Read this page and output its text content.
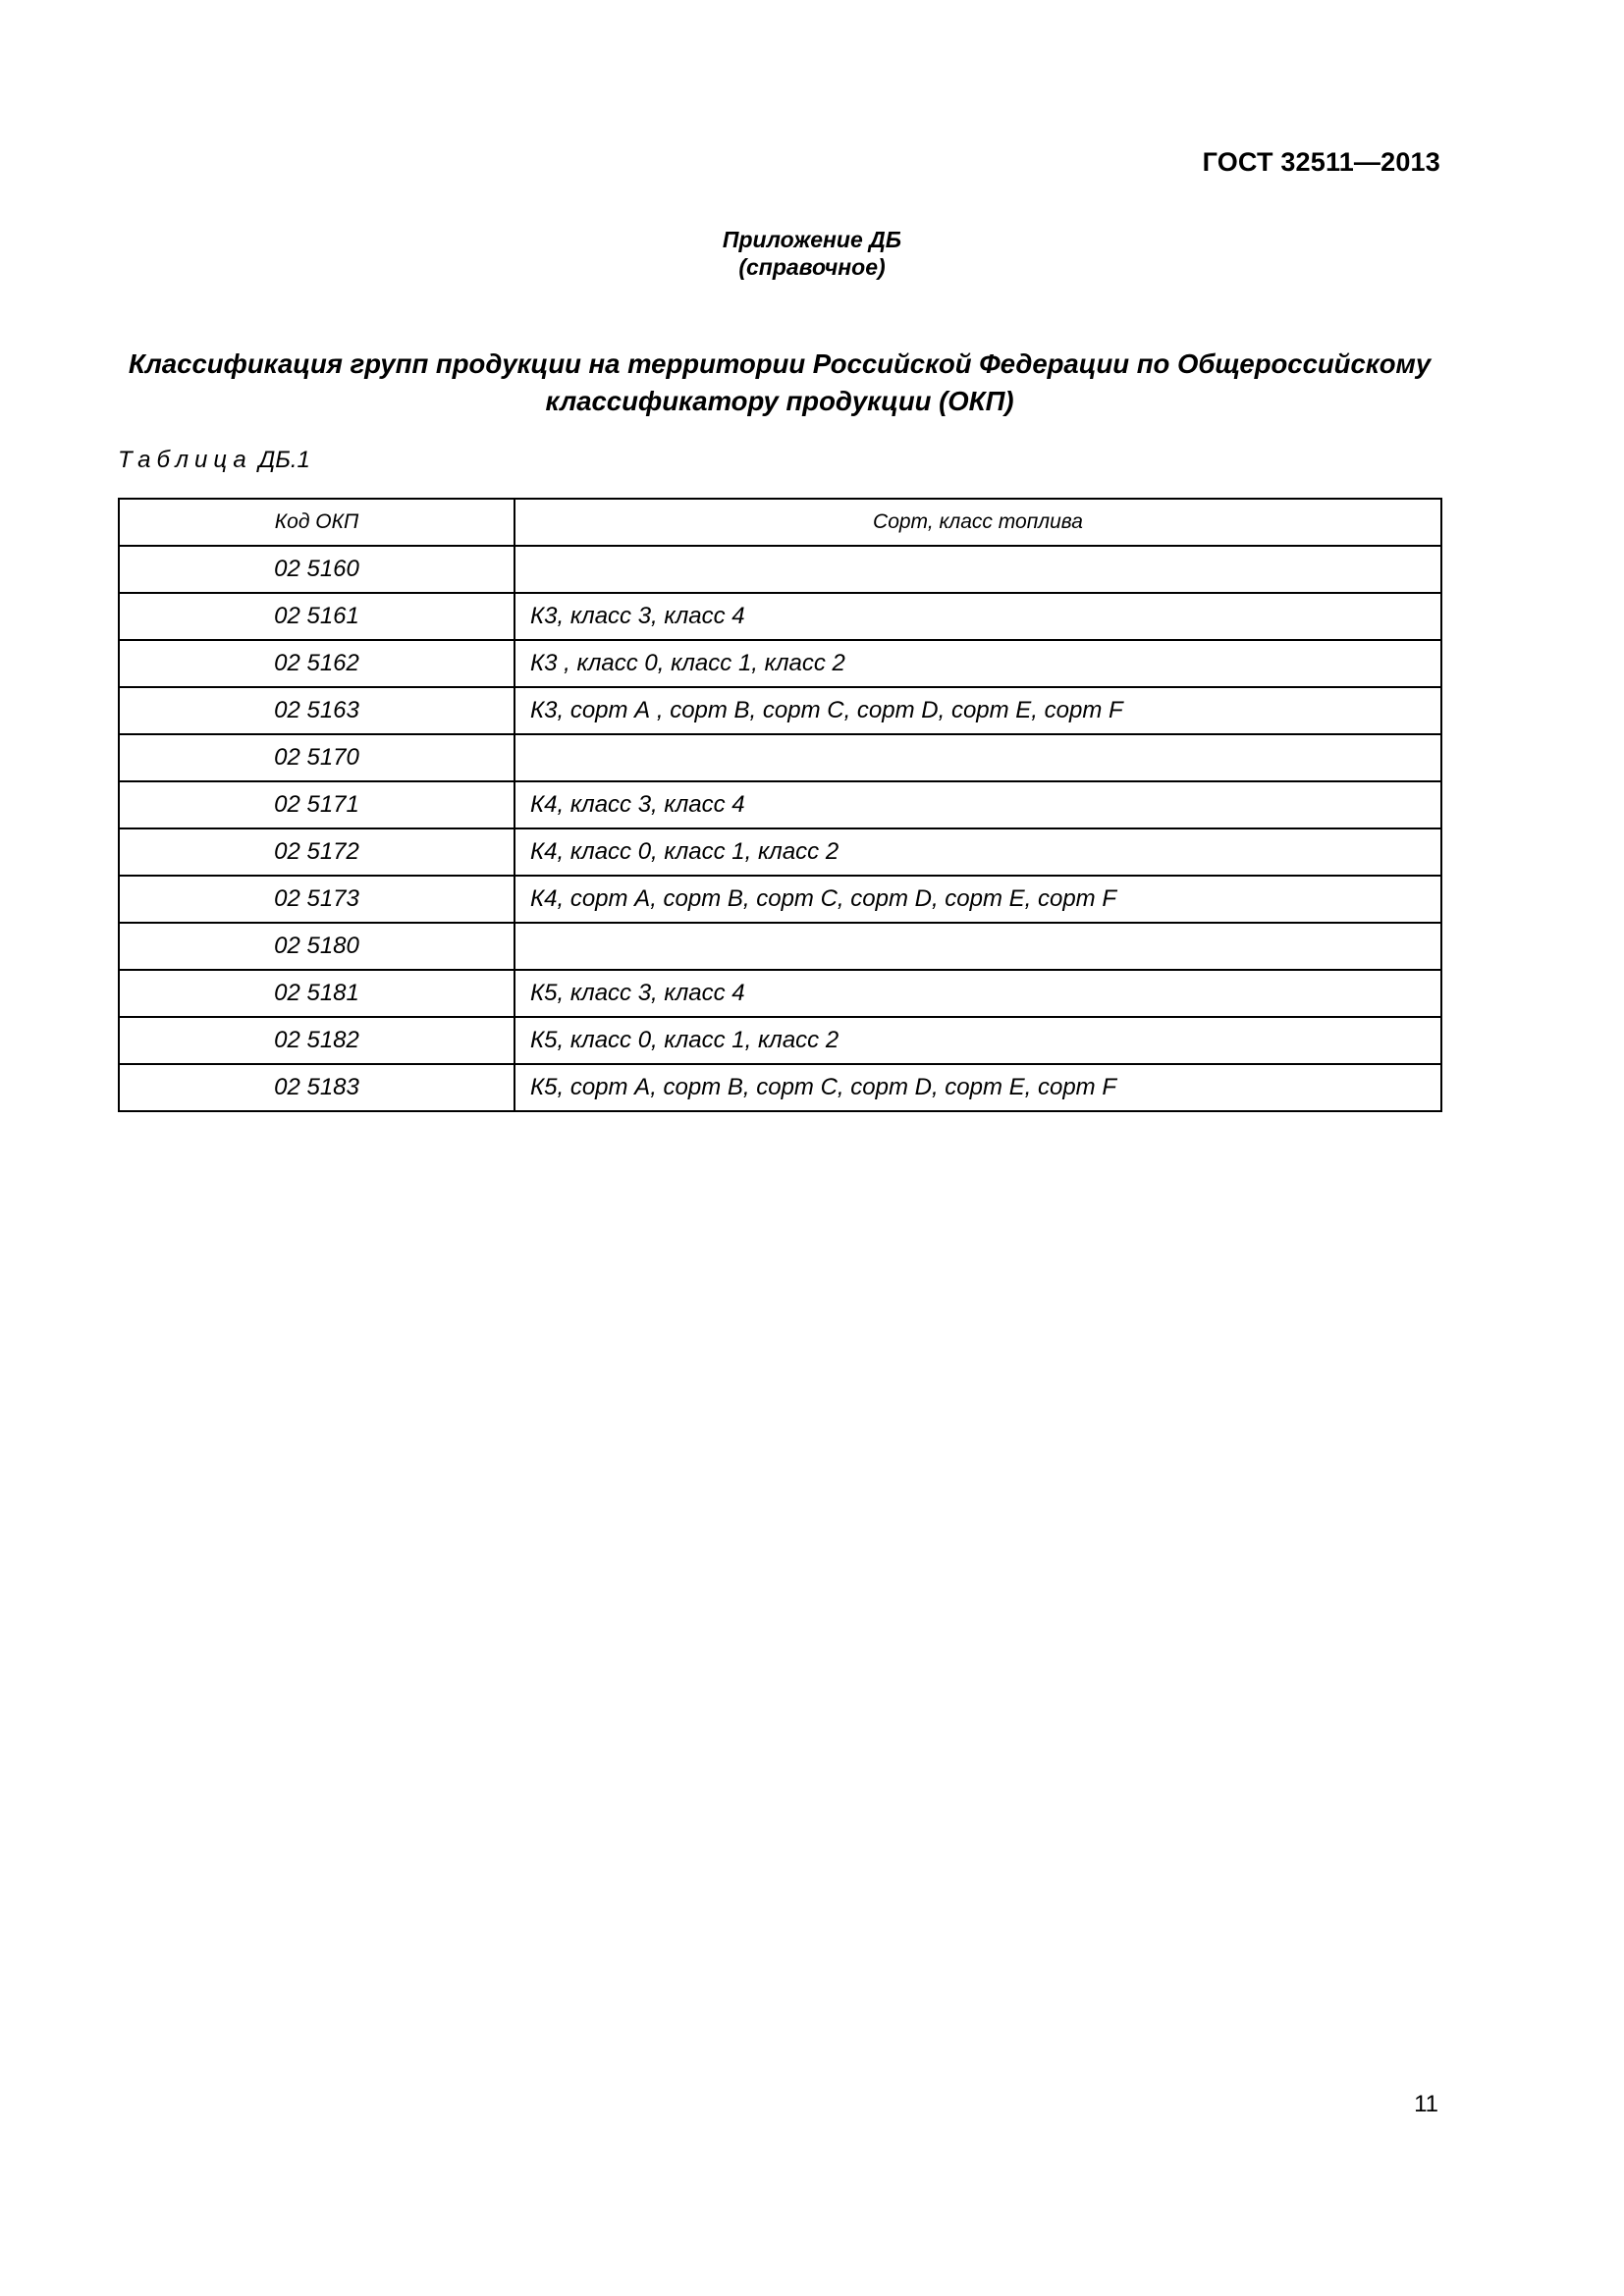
ГОСТ 32511—2013
Приложение ДБ
(справочное)
Классификация групп продукции на территории Российской Федерации по Общероссийскому
классификатору продукции (ОКП)
Таблица ДБ.1
Код ОКП	Сорт, класс топлива
02 5160	
02 5161	К3, класс 3, класс 4
02 5162	К3 , класс 0, класс 1, класс 2
02 5163	К3, сорт А , сорт В, сорт С, сорт D, сорт Е, сорт F
02 5170	
02 5171	К4, класс 3, класс 4
02 5172	К4, класс 0, класс 1, класс 2
02 5173	К4, сорт А, сорт В, сорт С, сорт D, сорт Е, сорт F
02 5180	
02 5181	К5, класс 3, класс 4
02 5182	К5, класс 0, класс 1, класс 2
02 5183	К5, сорт А, сорт В, сорт С, сорт D, сорт Е, сорт F
11
